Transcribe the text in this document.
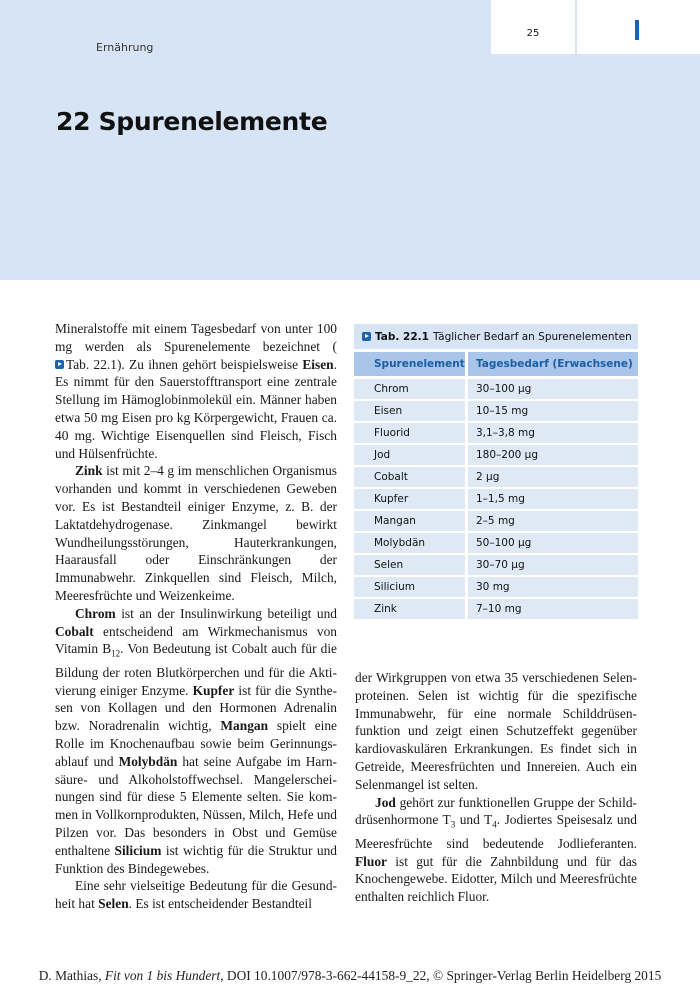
Ernährung
25
22 Spurenelemente

Mineralstoffe mit einem Tagesbedarf von unter 100 mg werden als Spurenelemente bezeichnet (Tab. 22.1). Zu ihnen gehört beispielsweise Eisen. Es nimmt für den Sauerstofftransport eine zentrale Stellung im Hämoglobinmolekül ein. Männer haben etwa 50 mg Eisen pro kg Körpergewicht, Frauen ca. 40 mg. Wichtige Eisenquellen sind Fleisch, Fisch und Hülsenfrüchte.

Zink ist mit 2–4 g im menschlichen Organismus vorhanden und kommt in verschiedenen Geweben vor. Es ist Bestandteil einiger Enzyme, z. B. der Laktatdehydrogenase. Zinkmangel bewirkt Wundheilungsstörungen, Hauterkrankungen, Haarausfall oder Einschränkungen der Immunabwehr. Zinkquellen sind Fleisch, Milch, Meeresfrüchte und Weizenkeime.

Chrom ist an der Insulinwirkung beteiligt und Cobalt entscheidend am Wirkmechanismus von Vitamin $B_{12}$. Von Bedeutung ist Cobalt auch für die Bildung der roten Blutkörperchen und für die Aktivierung einiger Enzyme. Kupfer ist für die Synthesen von Kollagen und den Hormonen Adrenalin bzw. Noradrenalin wichtig, Mangan spielt eine Rolle im Knochenaufbau sowie beim Gerinnungsablauf und Molybdän hat seine Aufgabe im Harnsäure- und Alkoholstoffwechsel. Mangelerscheinungen sind für diese 5 Elemente selten. Sie kommen in Vollkornprodukten, Nüssen, Milch, Hefe und Pilzen vor. Das besonders in Obst und Gemüse enthaltene Silicium ist wichtig für die Struktur und Funktion des Bindegewebes.

Eine sehr vielseitige Bedeutung für die Gesundheit hat Selen. Es ist entscheidender Bestandteil

Tab. 22.1 Täglicher Bedarf an Spurenelementen
Spurenelement	Tagesbedarf (Erwachsene)
Chrom	30–100 µg
Eisen	10–15 mg
Fluorid	3,1–3,8 mg
Jod	180–200 µg
Cobalt	2 µg
Kupfer	1–1,5 mg
Mangan	2–5 mg
Molybdän	50–100 µg
Selen	30–70 µg
Silicium	30 mg
Zink	7–10 mg

der Wirkgruppen von etwa 35 verschiedenen Selenproteinen. Selen ist wichtig für die spezifische Immunabwehr, für eine normale Schilddrüsenfunktion und zeigt einen Schutzeffekt gegenüber kardiovaskulären Erkrankungen. Es findet sich in Getreide, Meeresfrüchten und Innereien. Auch ein Selenmangel ist selten.

Jod gehört zur funktionellen Gruppe der Schilddrüsenhormone $T_3$ und $T_4$. Jodiertes Speisesalz und Meeresfrüchte sind bedeutende Jodlieferanten. Fluor ist gut für die Zahnbildung und für das Knochengewebe. Eidotter, Milch und Meeresfrüchte enthalten reichlich Fluor.

D. Mathias, Fit von 1 bis Hundert, DOI 10.1007/978-3-662-44158-9_22, © Springer-Verlag Berlin Heidelberg 2015
